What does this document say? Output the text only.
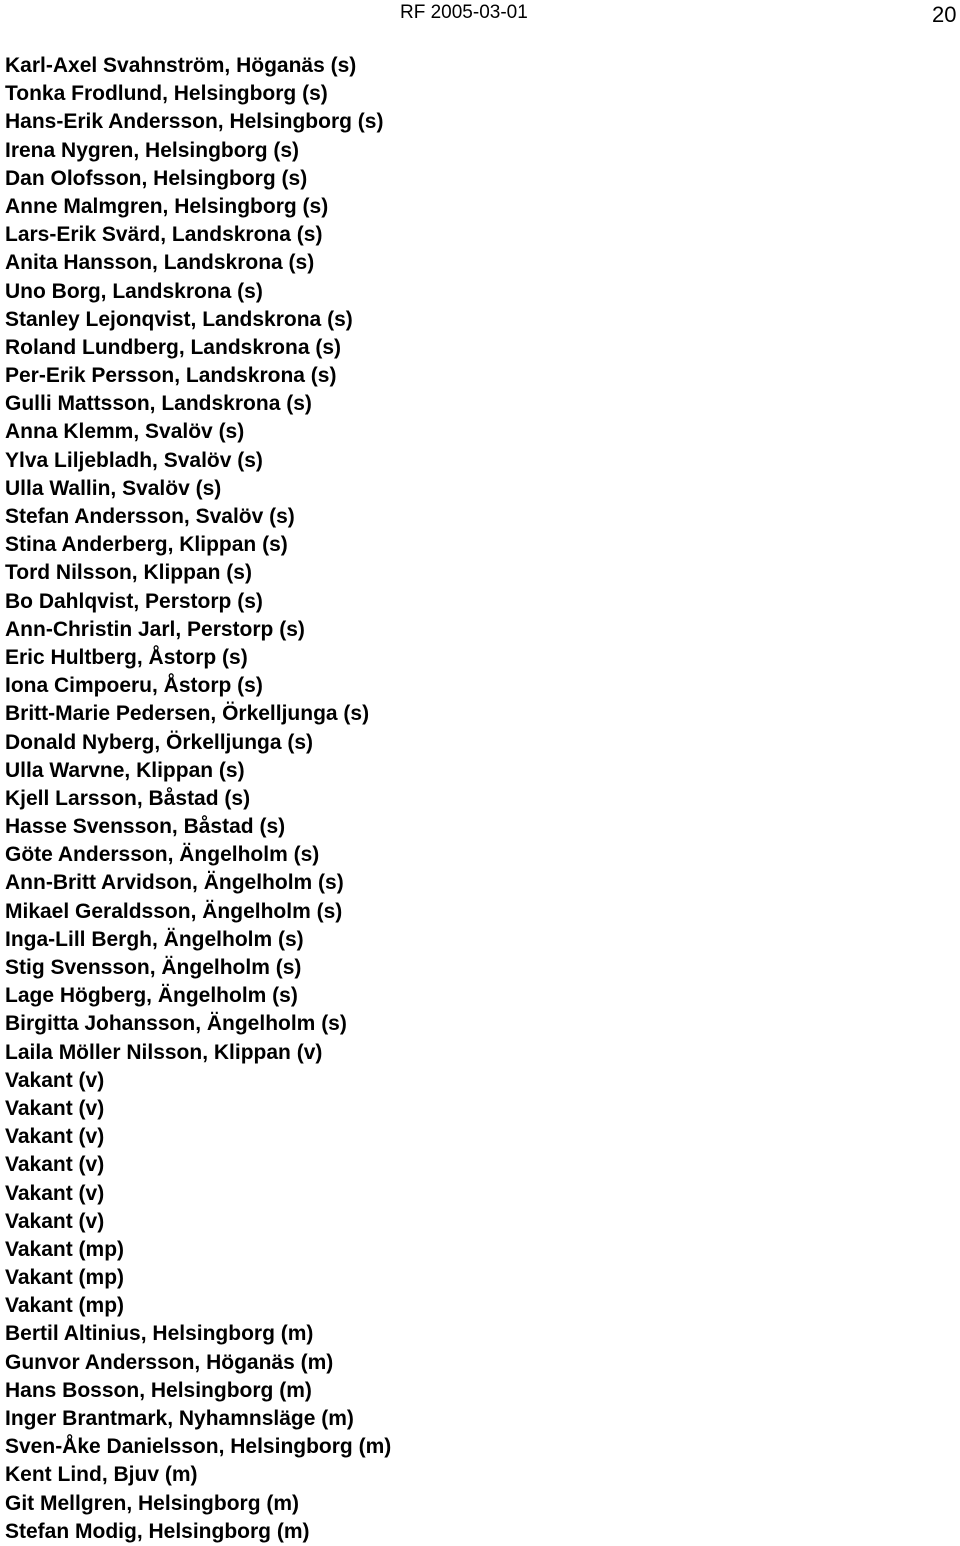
RF 2005-03-01	20
Karl-Axel Svahnström, Höganäs (s)
Tonka Frodlund, Helsingborg (s)
Hans-Erik Andersson, Helsingborg (s)
Irena Nygren, Helsingborg (s)
Dan Olofsson, Helsingborg (s)
Anne Malmgren, Helsingborg (s)
Lars-Erik Svärd, Landskrona (s)
Anita Hansson, Landskrona (s)
Uno Borg, Landskrona (s)
Stanley Lejonqvist, Landskrona (s)
Roland Lundberg, Landskrona (s)
Per-Erik Persson, Landskrona (s)
Gulli Mattsson, Landskrona (s)
Anna Klemm, Svalöv (s)
Ylva Liljebladh, Svalöv (s)
Ulla Wallin, Svalöv (s)
Stefan Andersson, Svalöv (s)
Stina Anderberg, Klippan (s)
Tord Nilsson, Klippan (s)
Bo Dahlqvist, Perstorp (s)
Ann-Christin Jarl, Perstorp (s)
Eric Hultberg, Åstorp (s)
Iona Cimpoeru, Åstorp (s)
Britt-Marie Pedersen, Örkelljunga (s)
Donald Nyberg, Örkelljunga (s)
Ulla Warvne, Klippan (s)
Kjell Larsson, Båstad (s)
Hasse Svensson, Båstad (s)
Göte Andersson, Ängelholm (s)
Ann-Britt Arvidson, Ängelholm (s)
Mikael Geraldsson, Ängelholm (s)
Inga-Lill Bergh, Ängelholm (s)
Stig Svensson, Ängelholm (s)
Lage Högberg, Ängelholm (s)
Birgitta Johansson, Ängelholm (s)
Laila Möller Nilsson, Klippan (v)
Vakant (v)
Vakant (v)
Vakant (v)
Vakant (v)
Vakant (v)
Vakant (v)
Vakant (mp)
Vakant (mp)
Vakant (mp)
Bertil Altinius, Helsingborg (m)
Gunvor Andersson, Höganäs (m)
Hans Bosson, Helsingborg (m)
Inger Brantmark, Nyhamnsläge (m)
Sven-Åke Danielsson, Helsingborg (m)
Kent Lind, Bjuv (m)
Git Mellgren, Helsingborg (m)
Stefan Modig, Helsingborg (m)
